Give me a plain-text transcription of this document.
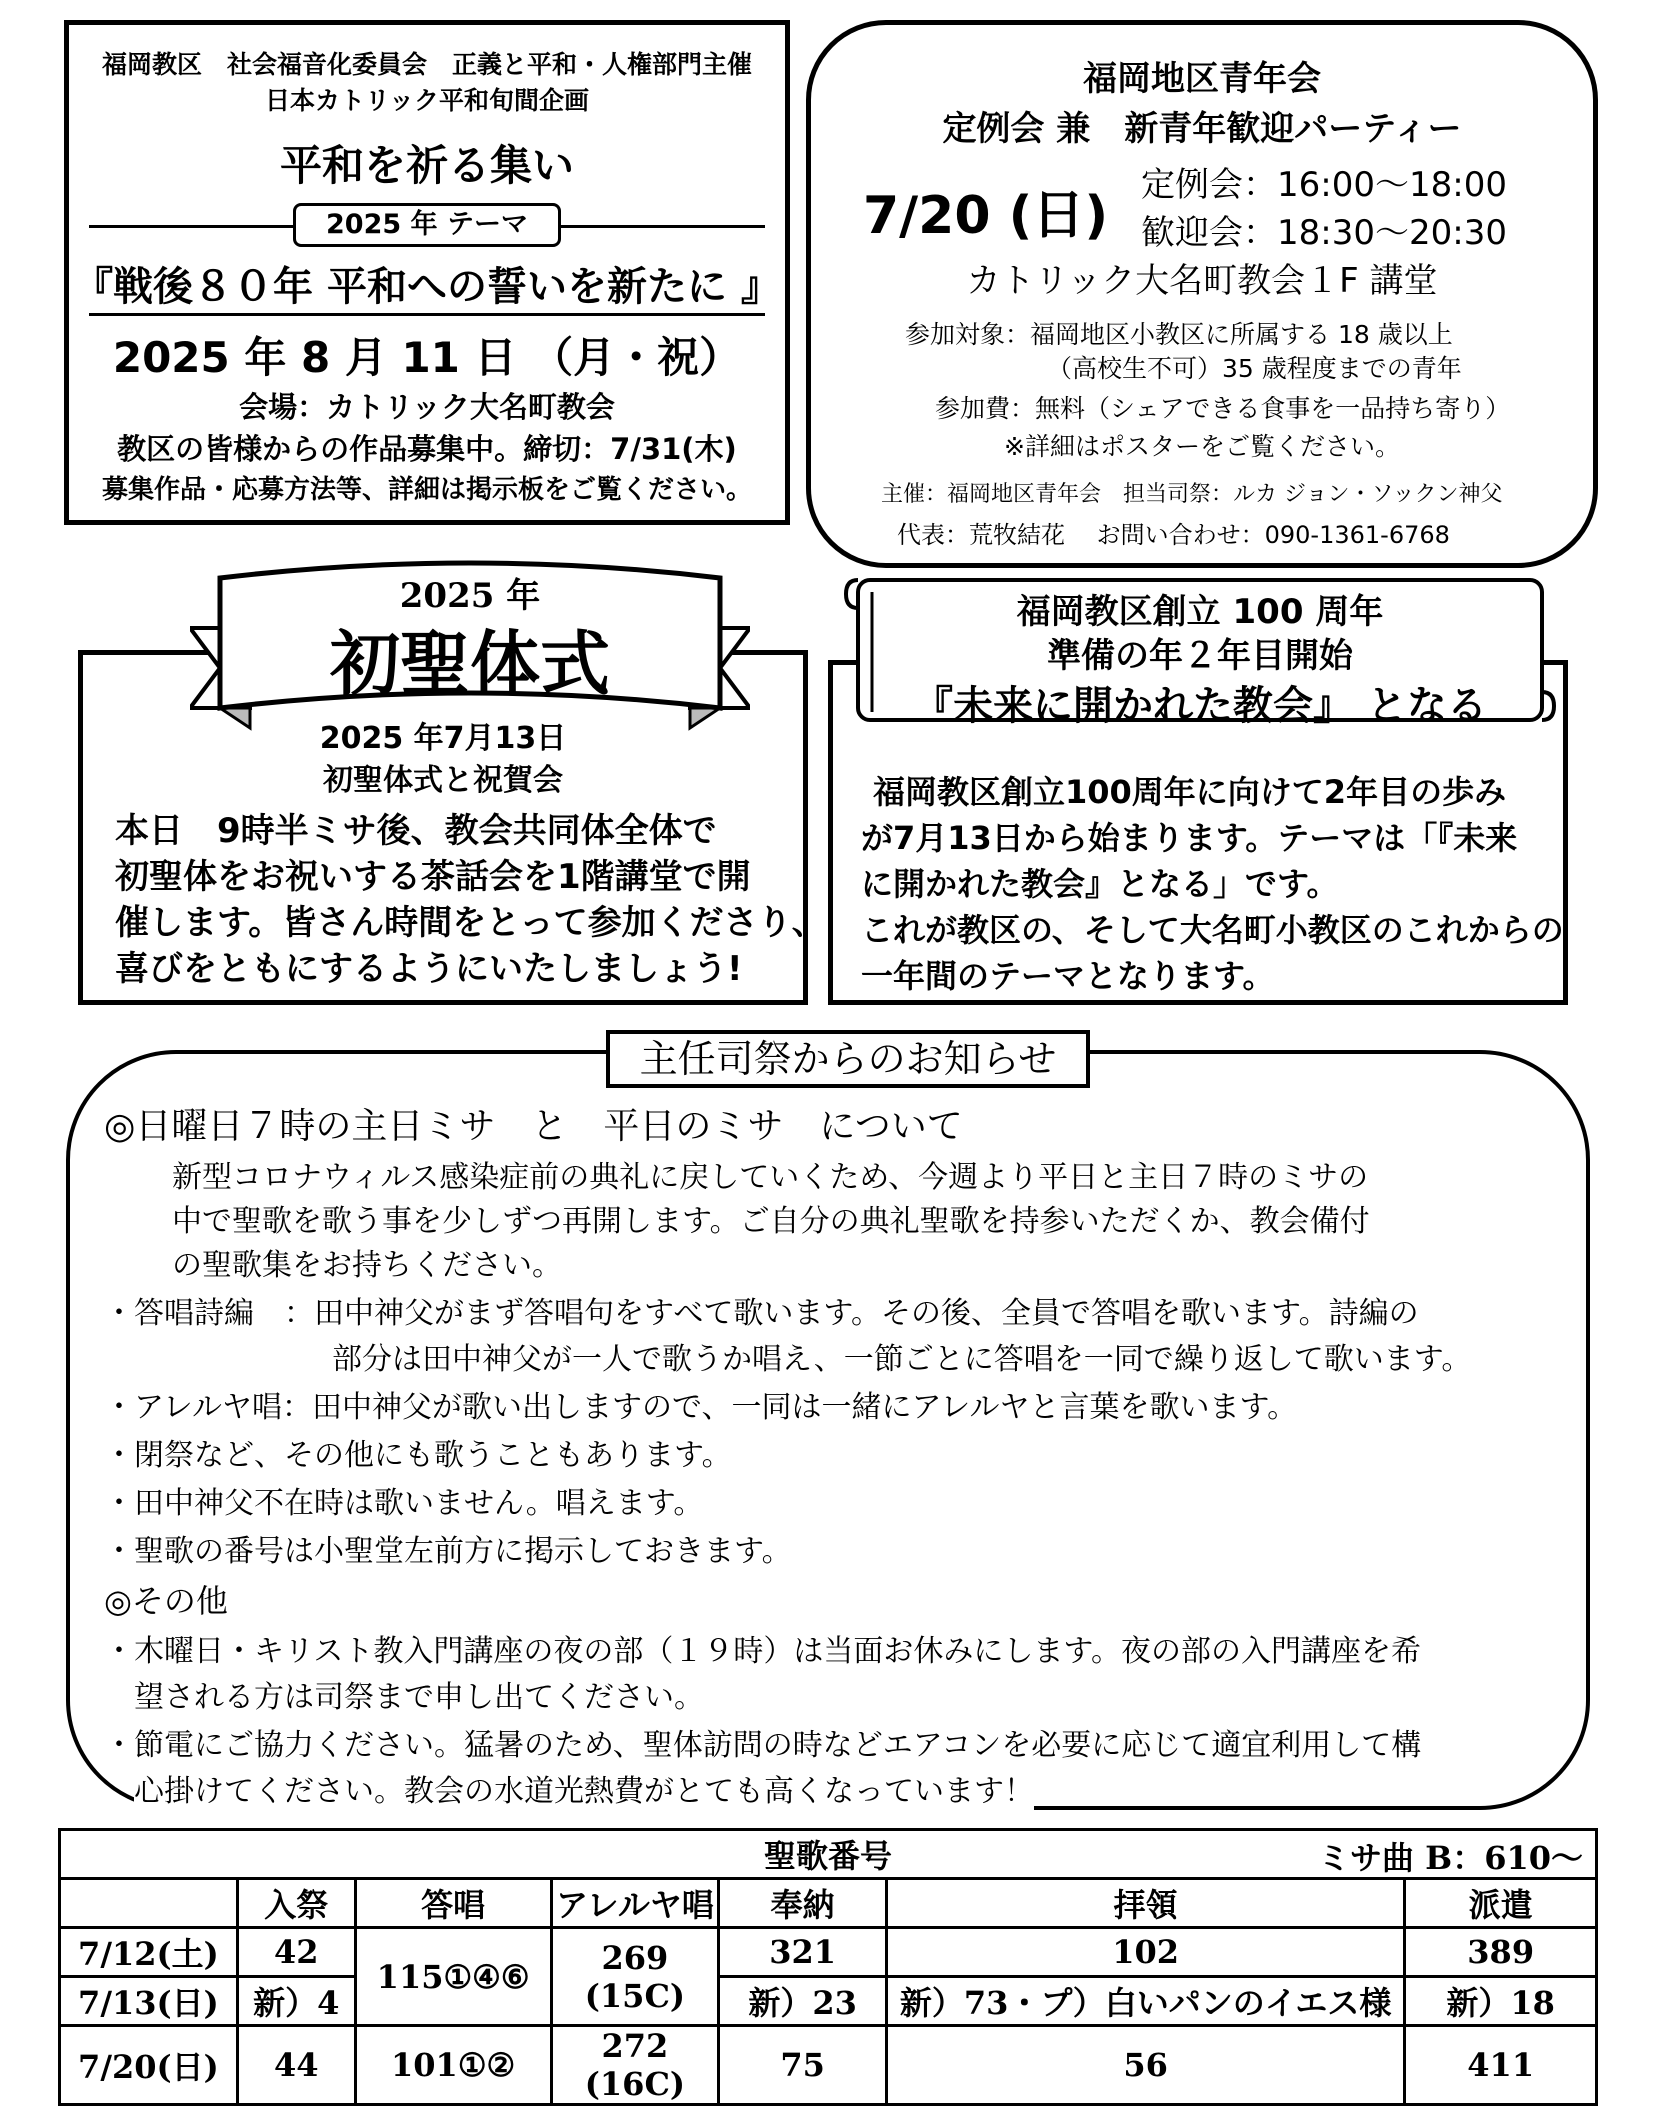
福岡教区　社会福音化委員会　正義と平和・人権部門主催
日本カトリック平和旬間企画
平和を祈る集い
2025 年 テーマ
『戦後８０年 平和への誓いを新たに 』
2025 年 8 月 11 日 （月・祝）
会場：カトリック大名町教会
教区の皆様からの作品募集中。締切：7/31(木)
募集作品・応募方法等、詳細は掲示板をご覧ください。
福岡地区青年会
定例会 兼　新青年歓迎パーティー
7/20 (日)
定例会：16:00～18:00
歓迎会：18:30～20:30
カトリック大名町教会１F 講堂
参加対象：福岡地区小教区に所属する 18 歳以上
（高校生不可）35 歳程度までの青年
参加費：無料（シェアできる食事を一品持ち寄り）
※詳細はポスターをご覧ください。
主催：福岡地区青年会　担当司祭：ルカ ジョン・ソックン神父
代表：荒牧結花　 お問い合わせ：090-1361-6768
2025 年7月13日
初聖体式と祝賀会
本日　9時半ミサ後、教会共同体全体で
初聖体をお祝いする茶話会を1階講堂で開
催します。皆さん時間をとって参加くださり、
喜びをともにするようにいたしましょう!
2025 年
初聖体式
福岡教区創立100周年に向けて2年目の歩み
が7月13日から始まります。テーマは「『未来
に開かれた教会』となる」です。
これが教区の、そして大名町小教区のこれからの
一年間のテーマとなります。
福岡教区創立 100 周年
準備の年２年目開始
『未来に開かれた教会』 となる
主任司祭からのお知らせ
◎日曜日７時の主日ミサ　と　平日のミサ　について
新型コロナウィルス感染症前の典礼に戻していくため、今週より平日と主日７時のミサの
中で聖歌を歌う事を少しずつ再開します。ご自分の典礼聖歌を持参いただくか、教会備付
の聖歌集をお持ちください。
・答唱詩編　：田中神父がまず答唱句をすべて歌います。その後、全員で答唱を歌います。詩編の
部分は田中神父が一人で歌うか唱え、一節ごとに答唱を一同で繰り返して歌います。
・アレルヤ唱：田中神父が歌い出しますので、一同は一緒にアレルヤと言葉を歌います。
・閉祭など、その他にも歌うこともあります。
・田中神父不在時は歌いません。唱えます。
・聖歌の番号は小聖堂左前方に掲示しておきます。
◎その他
・木曜日・キリスト教入門講座の夜の部（１９時）は当面お休みにします。夜の部の入門講座を希
望される方は司祭まで申し出てください。
・節電にご協力ください。猛暑のため、聖体訪問の時などエアコンを必要に応じて適宜利用して構
心掛けてください。教会の水道光熱費がとても高くなっています！
聖歌番号 ミサ曲 B：610～						

	入祭	答唱	アレルヤ唱	奉納	拝領	派遣
7/12(土)	42	115①④⑥	269 (15C)	321	102	389
7/13(日)	新）4			新）23	新）73・プ）白いパンのイエス様	新）18
7/20(日)	44	101①②	272 (16C)	75	56	411
